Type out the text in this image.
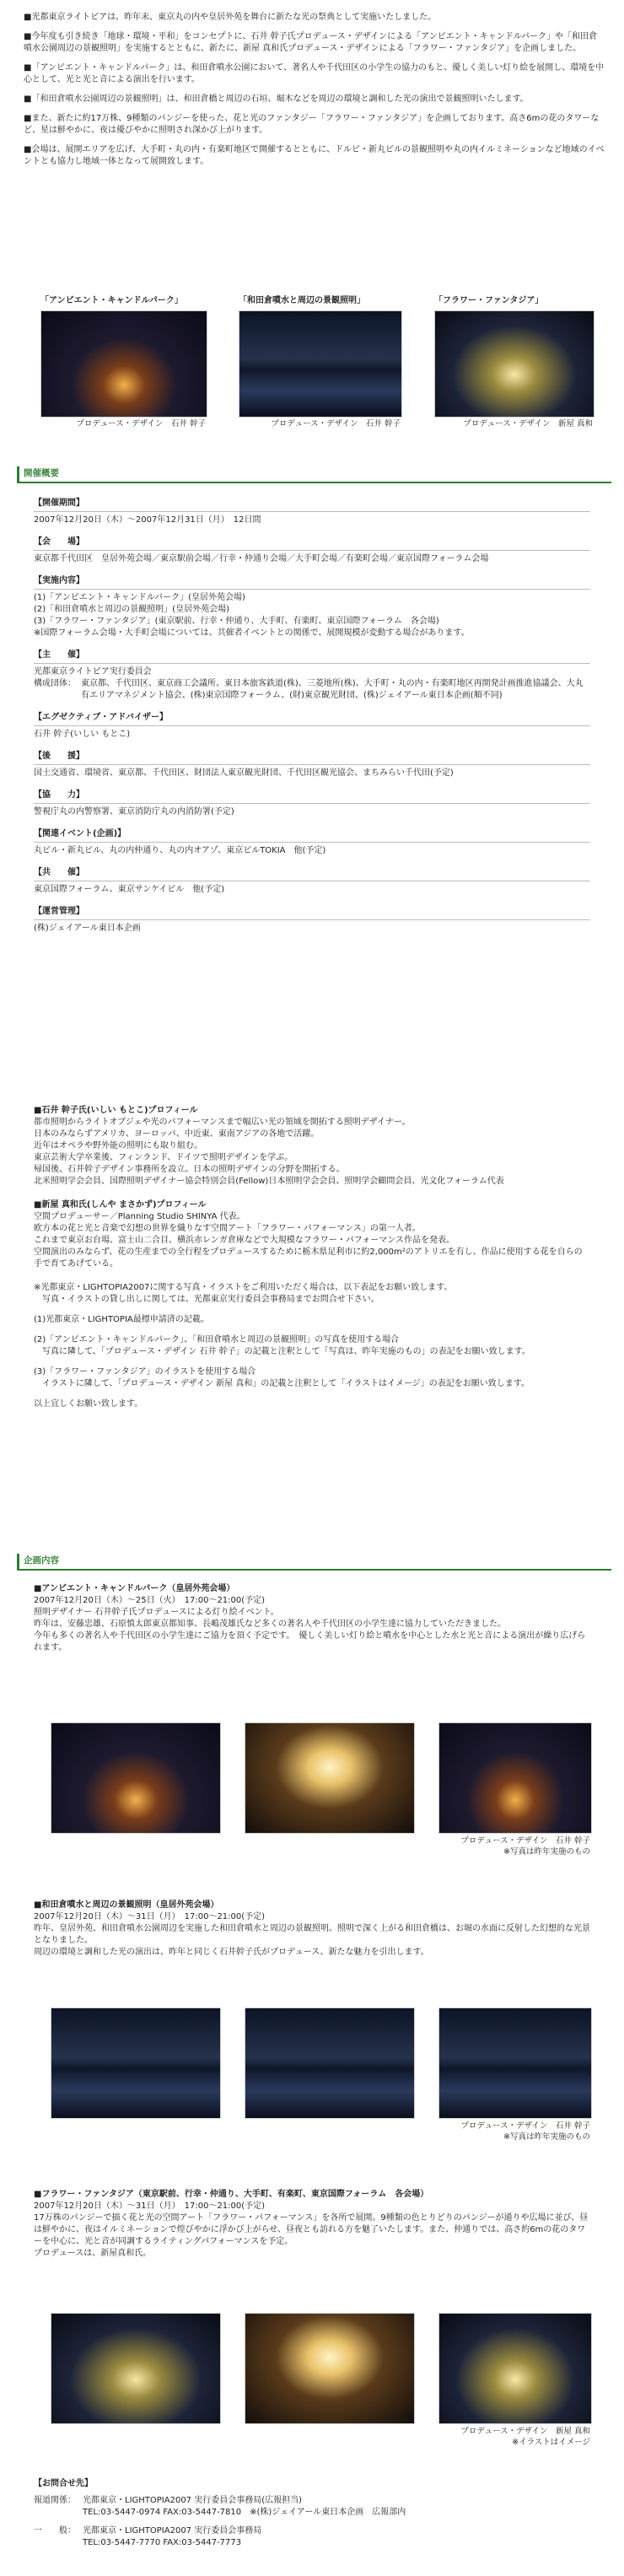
■ 光都東京ライトピアは、昨年末、東京丸の内や皇居外苑を舞台に新たな光の祭典として実施いたしました。

■ 今年度も引き続き「地球・環境・平和」をコンセプトに、石井 幹子氏プロデュース・デザインによる「アンビエント・キャンドルパーク」や「和田倉噴水公園周辺の景観照明」を実施するとともに、新たに、新屋 真和氏プロデュース・デザインによる「フラワー・ファンタジア」を企画しました。

■ 「アンビエント・キャンドルパーク」は、和田倉噴水公園において、著名人や千代田区の小学生の協力のもと、優しく美しい灯り絵を展開し、環境を中心として、光と光と音による演出を行います。

■ 「和田倉噴水公園周辺の景観照明」は、和田倉橋と周辺の石垣、堀木などを周辺の環境と調和した光の演出で景観照明いたします。

■ また、新たに約17万株、9種類のパンジーを使った、花と光のファンタジー「フラワー・ファンタジア」を企画しております。高さ6mの花のタワーなど、星は鮮やかに、夜は優びやかに照明され深かび上がります。

■ 会場は、展開エリアを広げ、大手町・丸の内・有楽町地区で開催するとともに、ドルビ・新丸ビルの景観照明や丸の内イルミネーションなど地域のイベントとも協力し地域一体となって展開致します。

「アンビエント・キャンドルパーク」	「和田倉噴水と周辺の景観照明」	「フラワー・ファンタジア」
プロデュース・デザイン　石井 幹子	プロデュース・デザイン　石井 幹子	プロデュース・デザイン　新屋 真和
開催概要

【開催期間】

2007年12月20日（木）〜2007年12月31日（月）　12日間

【会　　場】

東京都千代田区　皇居外苑会場／東京駅前会場／行幸・仲通り会場／大手町会場／有楽町会場／東京国際フォーラム会場

【実施内容】

(1)「アンビエント・キャンドルパーク」(皇居外苑会場)

(2)「和田倉噴水と周辺の景観照明」(皇居外苑会場)

(3)「フラワー・ファンタジア」(東京駅前、行幸・仲通り、大手町、有楽町、東京国際フォーラム　各会場)

※国際フォーラム会場・大手町会場については、共催者イベントとの関係で、展開規模が変動する場合があります。

【主　　催】

光都東京ライトピア実行委員会

構成団体： 東京都、千代田区、東京商工会議所、東日本旅客鉄道(株)、三菱地所(株)、大手町・丸の内・有楽町地区再開発計画推進協議会、大丸有エリアマネジメント協会、(株)東京国際フォーラム、(財)東京観光財団、(株)ジェイアール東日本企画(順不同)

【エグゼクティブ・アドバイザー】

石井 幹子(いしい もとこ)

【後　　援】

国土交通省、環境省、東京都、千代田区、財団法人東京観光財団、千代田区観光協会、まちみらい千代田(予定)

【協　　力】

警視庁丸の内警察署、東京消防庁丸の内消防署(予定)

【関連イベント(企画)】

丸ビル・新丸ビル、丸の内仲通り、丸の内オアゾ、東京ビルTOKIA　他(予定)

【共　　催】

東京国際フォーラム、東京サンケイビル　他(予定)

【運営管理】

(株)ジェイアール東日本企画

■石井 幹子氏(いしい もとこ)プロフィール

都市照明からライトオブジェや光のパフォーマンスまで幅広い光の領域を開拓する照明デザイナー。

日本のみならずアメリカ、ヨーロッパ、中近東、東南アジアの各地で活躍。

近年はオペラや野外能の照明にも取り組む。

東京芸術大学卒業後、フィンランド、ドイツで照明デザインを学ぶ。

帰国後、石井幹子デザイン事務所を設立。日本の照明デザインの分野を開拓する。

北米照明学会会員、国際照明デザイナー協会特別会員(Fellow)日本照明学会会員、照明学会顧問会員、光文化フォーラム代表

■新屋 真和氏(しんや まさかず)プロフィール

空間プロデューサー／Planning Studio SHINYA 代表。

欧方本の花と光と音楽で幻想の世界を織りなす空間アート「フラワー・パフォーマンス」の第一人者。

これまで東京お台場、富士山二合目、横浜赤レンガ倉庫などで大規模なフラワー・パフォーマンス作品を発表。

空間演出のみならず、花の生産までの全行程をプロデュースするために栃木県足利市に約2,000m²のアトリエを有し、作品に使用する花を自らの手で育てあげている。

※光都東京・LIGHTOPIA2007に関する写真・イラストをご利用いただく場合は、以下表記をお願い致します。

　写真・イラストの貸し出しに関しては、光都東京実行委員会事務局までお問合せ下さい。

(1)光都東京・LIGHTOPIA最標申請済の記載。

(2)「アンビエント・キャンドルパーク」、「和田倉噴水と周辺の景観照明」の写真を使用する場合

　写真に隣して、「プロデュース・デザイン 石井 幹子」の記載と注釈として「写真は、昨年実施のもの」の表記をお願い致します。

(3)「フラワー・ファンタジア」のイラストを使用する場合

　イラストに隣して、「プロデュース・デザイン 新屋 真和」の記載と注釈として「イラストはイメージ」の表記をお願い致します。

以上宜しくお願い致します。

企画内容

■アンビエント・キャンドルパーク（皇居外苑会場）

2007年12月20日（木）〜25日（火）　17:00〜21:00(予定)

照明デザイナー 石井幹子氏プロデュースによる灯り絵イベント。

昨年は、安藤忠雄、石原慎太郎東京都知事、長嶋茂雄氏など多くの著名人や千代田区の小学生達に協力していただきました。

今年も多くの著名人や千代田区の小学生達にご協力を頂く予定です。　優しく美しい灯り絵と噴水を中心とした水と光と音による演出が繰り広げられます。

プロデュース・デザイン　石井 幹子
※写真は昨年実施のもの

■和田倉噴水と周辺の景観照明（皇居外苑会場）

2007年12月20日（木）〜31日（月）　17:00〜21:00(予定)

昨年、皇居外苑、和田倉噴水公園周辺を実施した和田倉噴水と周辺の景観照明。照明で深く上がる和田倉橋は、お堀の水面に反射した幻想的な光景となりました。

周辺の環境と調和した光の演出は、昨年と同じく石井幹子氏がプロデュース、新たな魅力を引出します。

プロデュース・デザイン　石井 幹子
※写真は昨年実施のもの

■フラワー・ファンタジア（東京駅前、行幸・仲通り、大手町、有楽町、東京国際フォーラム　各会場）

2007年12月20日（木）〜31日（月）　17:00〜21:00(予定)

17万株のパンジーで描く花と光の空間アート「フラワー・パフォーマンス」を各所で展開。9種類の色とりどりのパンジーが通りや広場に並び、昼は鮮やかに、夜はイルミネーションで煌びやかに浮かび上がらせ、昼夜とも訪れる方を魅了いたします。また、仲通りでは、高さ約6mの花のタワーを中心に、光と音が同調するライティングパフォーマンスを予定。

プロデュースは、新屋真和氏。

プロデュース・デザイン　新屋 真和
※イラストはイメージ

【お問合せ先】

報道関係： 光都東京・LIGHTOPIA2007 実行委員会事務局(広報担当)

TEL:03-5447-0974 FAX:03-5447-7810　※(株)ジェイアール東日本企画　広報部内

一　　般： 光都東京・LIGHTOPIA2007 実行委員会事務局

TEL:03-5447-7770 FAX:03-5447-7773
